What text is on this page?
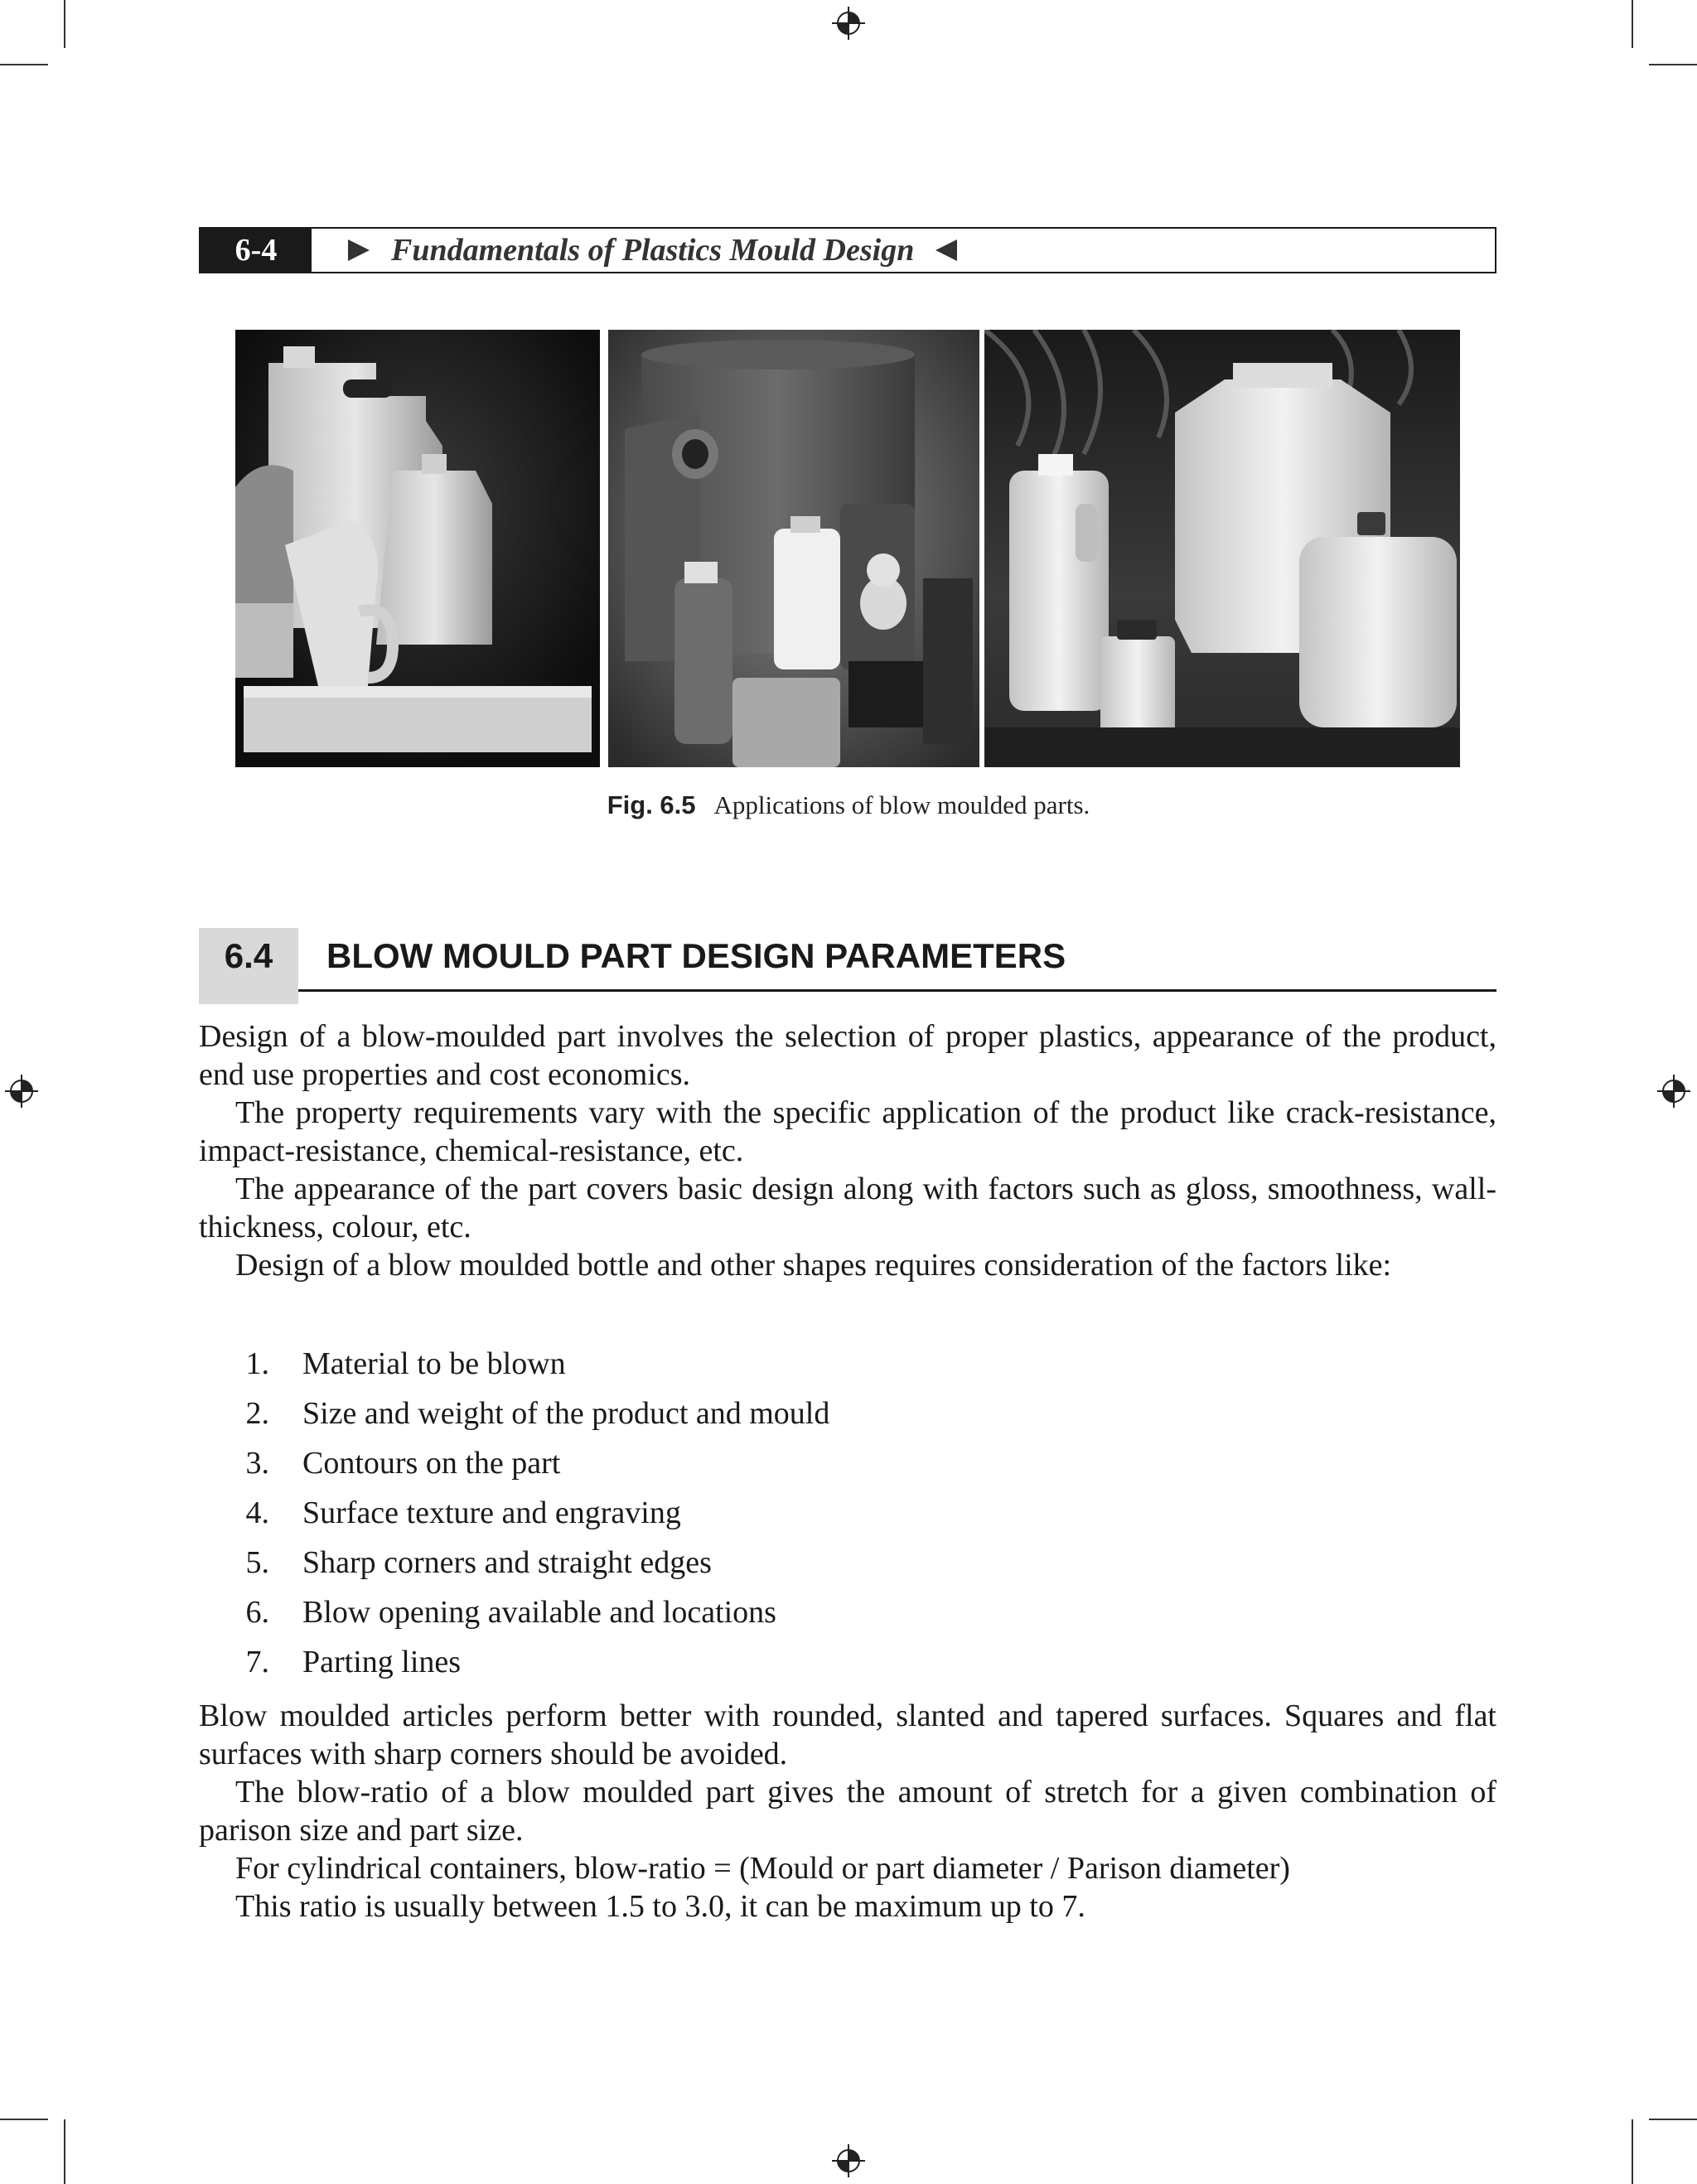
6-4	Fundamentals of Plastics Mould Design
Fig. 6.5 Applications of blow moulded parts.
6.4	BLOW MOULD PART DESIGN PARAMETERS

Design of a blow-moulded part involves the selection of proper plastics, appearance of the product, end use properties and cost economics.

The property requirements vary with the specific application of the product like crack-resistance, impact-resistance, chemical-resistance, etc.

The appearance of the part covers basic design along with factors such as gloss, smoothness, wall-thickness, colour, etc.

Design of a blow moulded bottle and other shapes requires consideration of the factors like:

1.	Material to be blown
2.	Size and weight of the product and mould
3.	Contours on the part
4.	Surface texture and engraving
5.	Sharp corners and straight edges
6.	Blow opening available and locations
7.	Parting lines

Blow moulded articles perform better with rounded, slanted and tapered surfaces. Squares and flat surfaces with sharp corners should be avoided.

The blow-ratio of a blow moulded part gives the amount of stretch for a given combination of parison size and part size.

For cylindrical containers, blow-ratio = (Mould or part diameter / Parison diameter)

This ratio is usually between 1.5 to 3.0, it can be maximum up to 7.
